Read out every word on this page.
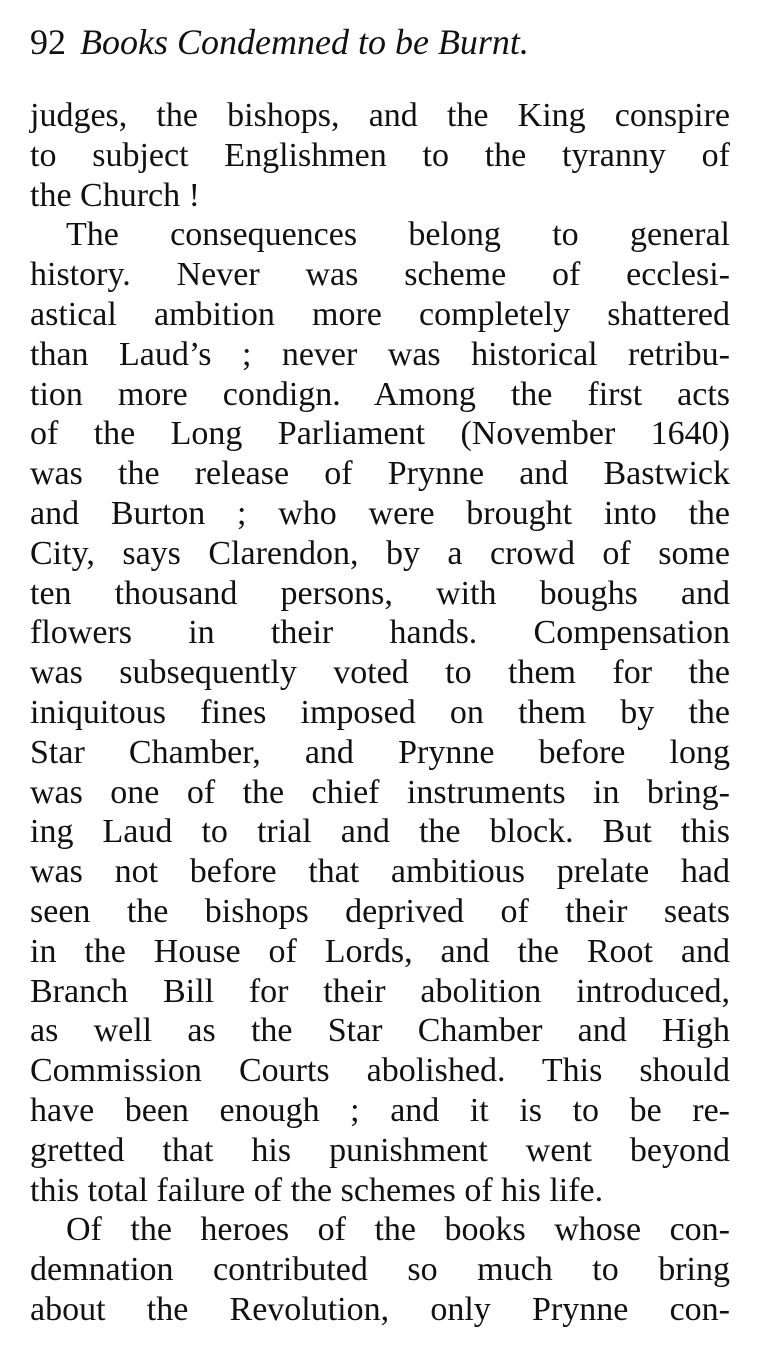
92 Books Condemned to be Burnt.
judges, the bishops, and the King conspire
to subject Englishmen to the tyranny of
the Church !
The consequences belong to general
history. Never was scheme of ecclesi-
astical ambition more completely shattered
than Laud’s ; never was historical retribu-
tion more condign. Among the first acts
of the Long Parliament (November 1640)
was the release of Prynne and Bastwick
and Burton ; who were brought into the
City, says Clarendon, by a crowd of some
ten thousand persons, with boughs and
flowers in their hands. Compensation
was subsequently voted to them for the
iniquitous fines imposed on them by the
Star Chamber, and Prynne before long
was one of the chief instruments in bring-
ing Laud to trial and the block. But this
was not before that ambitious prelate had
seen the bishops deprived of their seats
in the House of Lords, and the Root and
Branch Bill for their abolition introduced,
as well as the Star Chamber and High
Commission Courts abolished. This should
have been enough ; and it is to be re-
gretted that his punishment went beyond
this total failure of the schemes of his life.
Of the heroes of the books whose con-
demnation contributed so much to bring
about the Revolution, only Prynne con-
